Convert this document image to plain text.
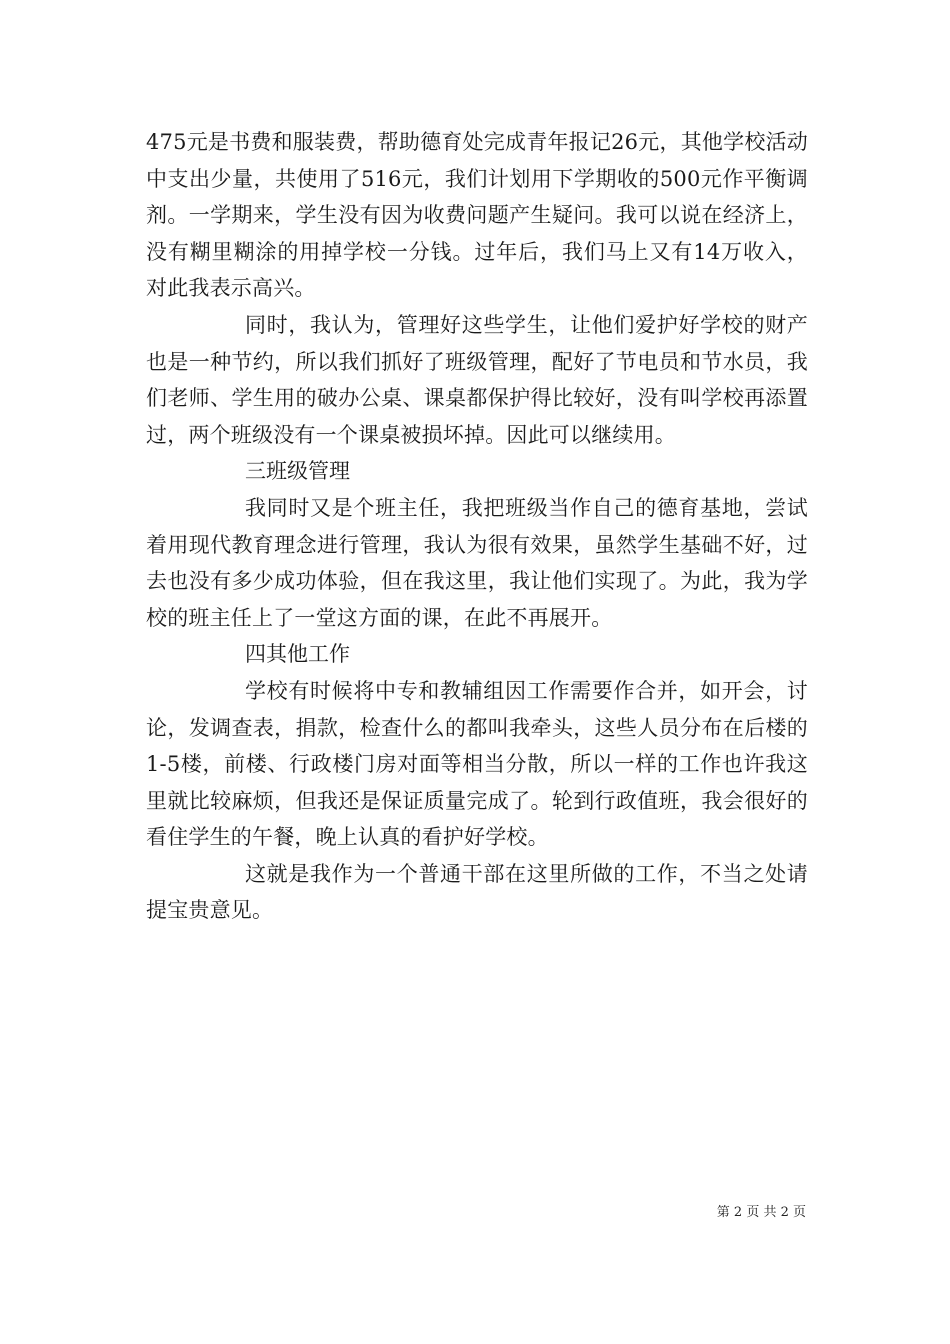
475元是书费和服装费，帮助德育处完成青年报记26元，其他学校活动中支出少量，共使用了516元，我们计划用下学期收的500元作平衡调剂。一学期来，学生没有因为收费问题产生疑问。我可以说在经济上，没有糊里糊涂的用掉学校一分钱。过年后，我们马上又有14万收入，对此我表示高兴。

同时，我认为，管理好这些学生，让他们爱护好学校的财产也是一种节约，所以我们抓好了班级管理，配好了节电员和节水员，我们老师、学生用的破办公桌、课桌都保护得比较好，没有叫学校再添置过，两个班级没有一个课桌被损坏掉。因此可以继续用。

三班级管理

我同时又是个班主任，我把班级当作自己的德育基地，尝试着用现代教育理念进行管理，我认为很有效果，虽然学生基础不好，过去也没有多少成功体验，但在我这里，我让他们实现了。为此，我为学校的班主任上了一堂这方面的课，在此不再展开。

四其他工作

学校有时候将中专和教辅组因工作需要作合并，如开会，讨论，发调查表，捐款，检查什么的都叫我牵头，这些人员分布在后楼的1-5楼，前楼、行政楼门房对面等相当分散，所以一样的工作也许我这里就比较麻烦，但我还是保证质量完成了。轮到行政值班，我会很好的看住学生的午餐，晚上认真的看护好学校。

这就是我作为一个普通干部在这里所做的工作，不当之处请提宝贵意见。

第 2 页 共 2 页
